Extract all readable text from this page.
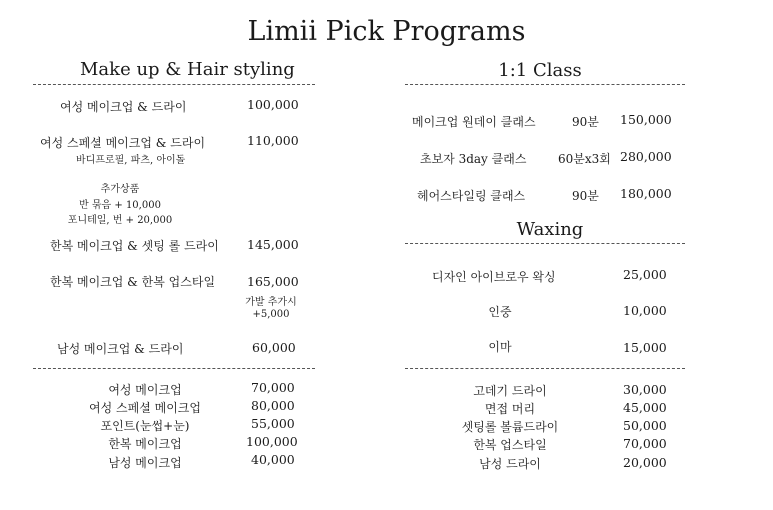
Limii Pick Programs
Make up & Hair styling
여성 메이크업 & 드라이	100,000
여성 스페셜 메이크업 & 드라이	110,000
바디프로필, 파츠, 아이돌
추가상품
반 묶음 + 10,000
포니테일, 번 + 20,000
한복 메이크업 & 셋팅 롤 드라이 145,000
한복 메이크업 & 한복 업스타일	165,000
가발 추가시
+5,000
남성 메이크업 & 드라이	60,000
여성 메이크업	70,000
여성 스페셜 메이크업	80,000
포인트(눈썹+눈)	55,000
한복 메이크업	100,000
남성 메이크업	40,000
1:1 Class
메이크업 원데이 클래스	90분 150,000
초보자 3day 클래스	60분x3회 280,000
헤어스타일링 클래스	90분 180,000
Waxing
디자인 아이브로우 왁싱	25,000
인중	10,000
이마	15,000
고데기 드라이	30,000
면접 머리	45,000
셋팅롤 볼륨드라이	50,000
한복 업스타일	70,000
남성 드라이	20,000
